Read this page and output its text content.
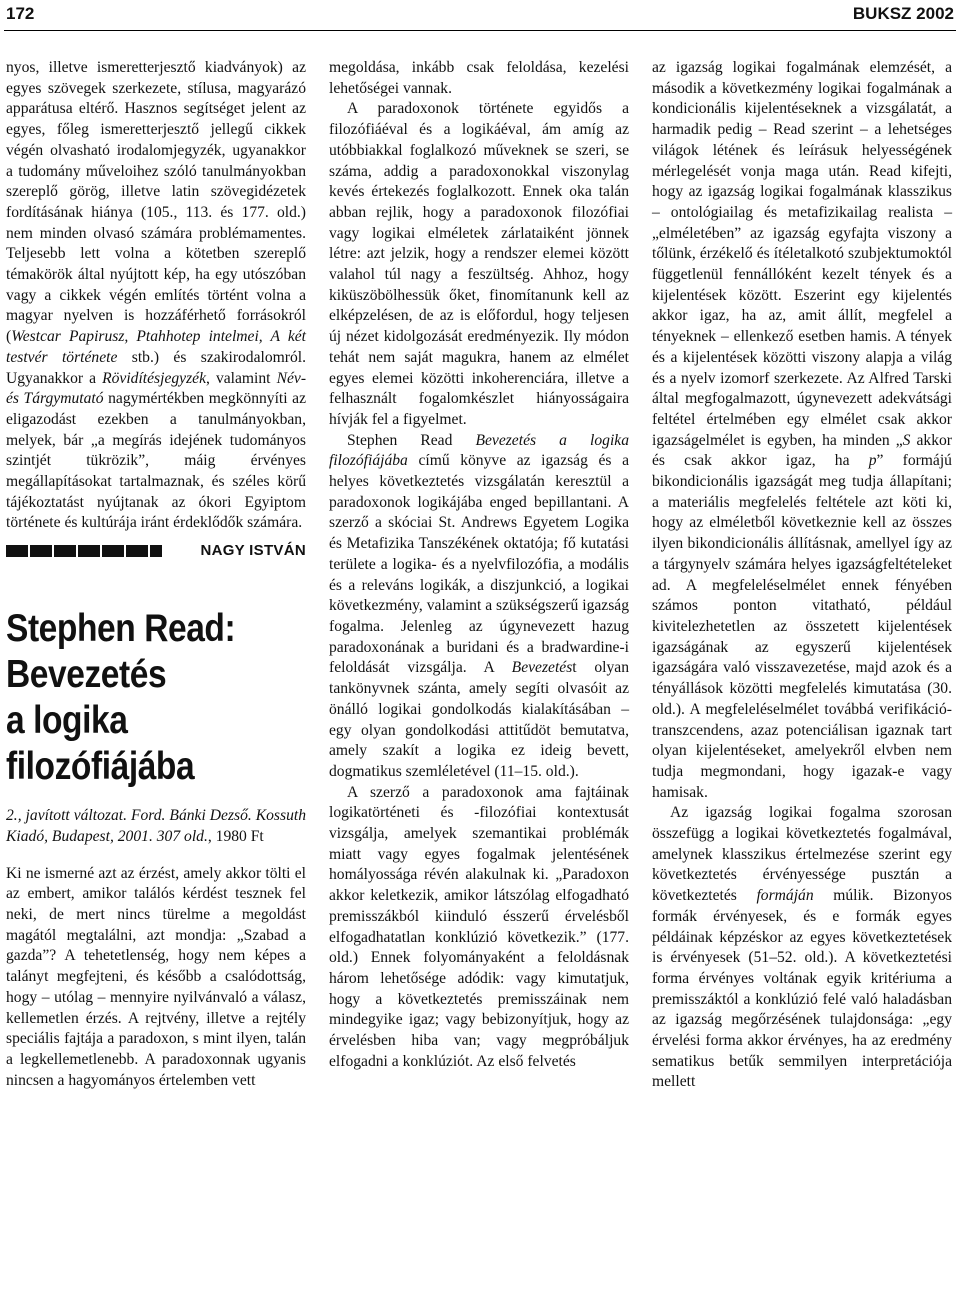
172	BUKSZ 2002

nyos, illetve ismeretterjesztő kiadványok) az egyes szövegek szerkezete, stílusa, magyarázó apparátusa eltérő. Hasznos segítséget jelent az egyes, főleg ismeretterjesztő jellegű cikkek végén olvasható irodalomjegyzék, ugyanakkor a tudomány műveloihez szóló tanulmányokban szereplő görög, illetve latin szövegidézetek fordításának hiánya (105., 113. és 177. old.) nem minden olvasó számára problémamentes. Teljesebb lett volna a kötetben szereplő témakörök által nyújtott kép, ha egy utószóban vagy a cikkek végén említés történt volna a magyar nyelven is hozzáférhető forrásokról (Westcar Papirusz, Ptahhotep intelmei, A két testvér története stb.) és szakirodalomról. Ugyanakkor a Rövidítésjegyzék, valamint Név- és Tárgymutató nagymértékben megkönnyíti az eligazodást ezekben a tanulmányokban, melyek, bár „a megírás idejének tudományos szintjét tükrözik”, máig érvényes megállapításokat tartalmaznak, és széles körű tájékoztatást nyújtanak az ókori Egyiptom története és kultúrája iránt érdeklődők számára.

NAGY ISTVÁN
Stephen Read:
Bevezetés
a logika
filozófiájába

2., javított változat. Ford. Bánki Dezső. Kossuth Kiadó, Budapest, 2001. 307 old., 1980 Ft

Ki ne ismerné azt az érzést, amely akkor tölti el az embert, amikor találós kérdést tesznek fel neki, de mert nincs türelme a megoldást magától megtalálni, azt mondja: „Szabad a gazda”? A tehetetlenség, hogy nem képes a talányt megfejteni, és később a csalódottság, hogy – utólag – mennyire nyilvánvaló a válasz, kellemetlen érzés. A rejtvény, illetve a rejtély speciális fajtája a paradoxon, s mint ilyen, talán a legkellemetlenebb. A paradoxonnak ugyanis nincsen a hagyományos értelemben vett

megoldása, inkább csak feloldása, kezelési lehetőségei vannak.

A paradoxonok története egyidős a filozófiáéval és a logikáéval, ám amíg az utóbbiakkal foglalkozó műveknek se szeri, se száma, addig a paradoxonokkal viszonylag kevés értekezés foglalkozott. Ennek oka talán abban rejlik, hogy a paradoxonok filozófiai vagy logikai elméletek zárlataiként jönnek létre: azt jelzik, hogy a rendszer elemei között valahol túl nagy a feszültség. Ahhoz, hogy kiküszöbölhessük őket, finomítanunk kell az elképzelésen, de az is előfordul, hogy teljesen új nézet kidolgozását eredményezik. Ily módon tehát nem saját magukra, hanem az elmélet egyes elemei közötti inkoherenciára, illetve a felhasznált fogalomkészlet hiányosságaira hívják fel a figyelmet.

Stephen Read Bevezetés a logika filozófiájába című könyve az igazság és a helyes következtetés vizsgálatán keresztül a paradoxonok logikájába enged bepillantani. A szerző a skóciai St. Andrews Egyetem Logika és Metafizika Tanszékének oktatója; fő kutatási területe a logika- és a nyelvfilozófia, a modális és a releváns logikák, a diszjunkció, a logikai következmény, valamint a szükségszerű igazság fogalma. Jelenleg az úgynevezett hazug paradoxonának a buridani és a bradwardine-i feloldását vizsgálja. A Bevezetést olyan tankönyvnek szánta, amely segíti olvasóit az önálló logikai gondolkodás kialakításában – egy olyan gondolkodási attitűdöt bemutatva, amely szakít a logika ez ideig bevett, dogmatikus szemléletével (11–15. old.).

A szerző a paradoxonok ama fajtáinak logikatörténeti és -filozófiai kontextusát vizsgálja, amelyek szemantikai problémák miatt vagy egyes fogalmak jelentésének homályossága révén alakulnak ki. „Paradoxon akkor keletkezik, amikor látszólag elfogadható premisszákból kiinduló ésszerű érvelésből elfogadhatatlan konklúzió következik.” (177. old.) Ennek folyományaként a feloldásnak három lehetősége adódik: vagy kimutatjuk, hogy a következtetés premisszáinak nem mindegyike igaz; vagy bebizonyítjuk, hogy az érvelésben hiba van; vagy megpróbáljuk elfogadni a konklúziót. Az első felvetés

az igazság logikai fogalmának elemzését, a második a következmény logikai fogalmának a kondicionális kijelentéseknek a vizsgálatát, a harmadik pedig – Read szerint – a lehetséges világok létének és leírásuk helyességének mérlegelését vonja maga után. Read kifejti, hogy az igazság logikai fogalmának klasszikus – ontológiailag és metafizikailag realista – „elméletében” az igazság egyfajta viszony a tőlünk, érzékelő és ítéletalkotó szubjektumoktól függetlenül fennállóként kezelt tények és a kijelentések között. Eszerint egy kijelentés akkor igaz, ha az, amit állít, megfelel a tényeknek – ellenkező esetben hamis. A tények és a kijelentések közötti viszony alapja a világ és a nyelv izomorf szerkezete. Az Alfred Tarski által megfogalmazott, úgynevezett adekvátsági feltétel értelmében egy elmélet csak akkor igazságelmélet is egyben, ha minden „S akkor és csak akkor igaz, ha p” formájú bikondicionális igazságát meg tudja állapítani; a materiális megfelelés feltétele azt köti ki, hogy az elméletből következnie kell az összes ilyen bikondicionális állításnak, amellyel így az a tárgynyelv számára helyes igazságfeltételeket ad. A megfeleléselmélet ennek fényében számos ponton vitatható, például kivitelezhetetlen az összetett kijelentések igazságának az egyszerű kijelentések igazságára való visszavezetése, majd azok és a tényállások közötti megfelelés kimutatása (30. old.). A megfeleléselmélet továbbá verifikáció-transzcendens, azaz potenciálisan igaznak tart olyan kijelentéseket, amelyekről elvben nem tudja megmondani, hogy igazak-e vagy hamisak.

Az igazság logikai fogalma szorosan összefügg a logikai következtetés fogalmával, amelynek klasszikus értelmezése szerint egy következtetés érvényessége pusztán a következtetés formáján múlik. Bizonyos formák érvényesek, és e formák egyes példáinak képzéskor az egyes következtetések is érvényesek (51–52. old.). A következtetési forma érvényes voltának egyik kritériuma a premisszáktól a konklúzió felé való haladásban az igazság megőrzésének tulajdonsága: „egy érvelési forma akkor érvényes, ha az eredmény sematikus betűk semmilyen interpretációja mellett
